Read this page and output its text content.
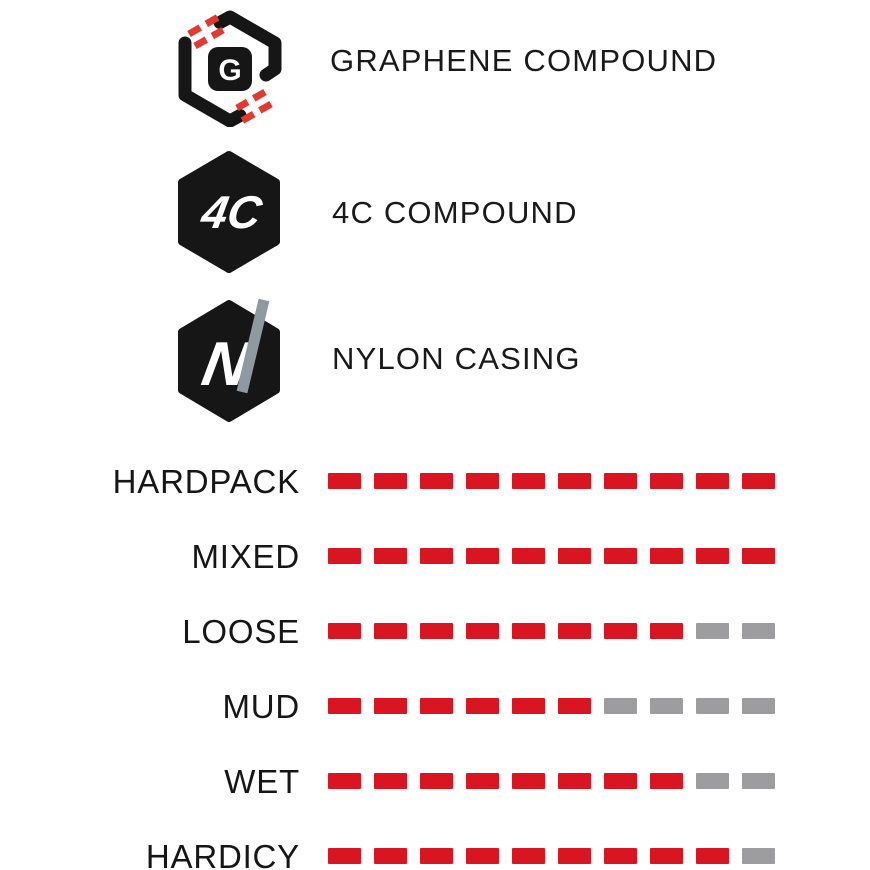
G	GRAPHENE COMPOUND
4C 4C COMPOUND
N	NYLON CASING
HARDPACK
MIXED
LOOSE
MUD
WET
HARDICY
